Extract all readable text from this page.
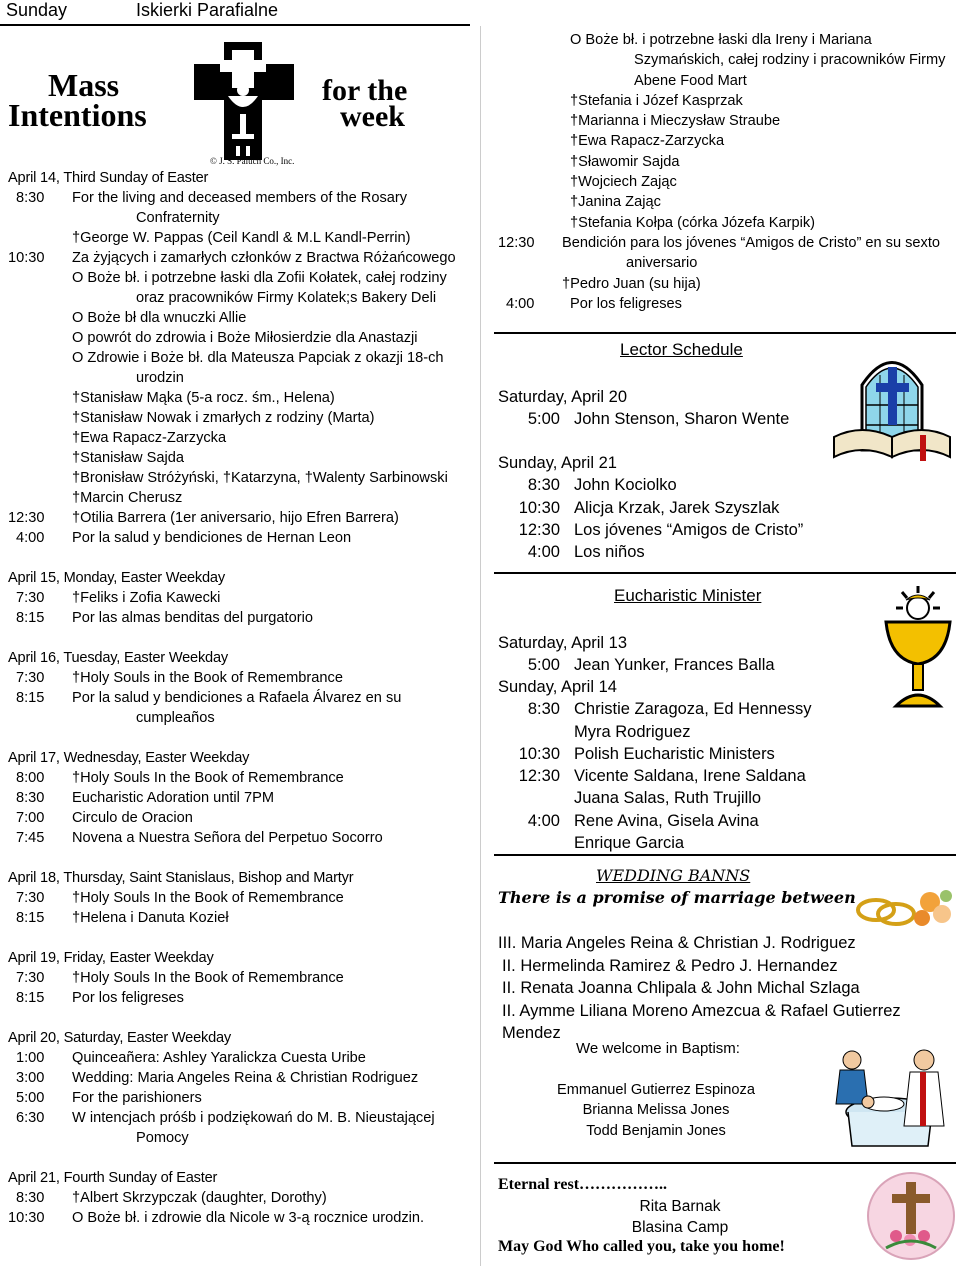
Sunday	Iskierki Parafialne
Mass
Intentions
for the
week
© J. S. Paluch Co., Inc.
April 14, Third Sunday of Easter
8:30	For the living and deceased members of the Rosary
Confraternity
†George W. Pappas (Ceil Kandl & M.L Kandl-Perrin)
10:30	Za żyjących i zamarłych członków z Bractwa Różańcowego
O Boże bł. i potrzebne łaski dla Zofii Kołatek, całej rodziny
oraz pracowników Firmy Kolatek;s Bakery Deli
O Boże bł dla wnuczki Allie
O powrót do zdrowia i Boże Miłosierdzie dla Anastazji
O Zdrowie i Boże bł. dla Mateusza Papciak z okazji 18-ch
urodzin
†Stanisław Mąka (5-a rocz. śm., Helena)
†Stanisław Nowak i zmarłych z rodziny (Marta)
†Ewa Rapacz-Zarzycka
†Stanisław Sajda
†Bronisław Stróżyński, †Katarzyna, †Walenty Sarbinowski
†Marcin Cherusz
12:30	†Otilia Barrera (1er aniversario, hijo Efren Barrera)
4:00	Por la salud y bendiciones de Hernan Leon
April 15, Monday, Easter Weekday
7:30	†Feliks i Zofia Kawecki
8:15	Por las almas benditas del purgatorio
April 16, Tuesday, Easter Weekday
7:30	†Holy Souls in the Book of Remembrance
8:15	Por la salud y bendiciones a Rafaela Álvarez en su
cumpleaños
April 17, Wednesday, Easter Weekday
8:00	†Holy Souls In the Book of Remembrance
8:30	Eucharistic Adoration until 7PM
7:00	Circulo de Oracion
7:45	Novena a Nuestra Señora del Perpetuo Socorro
April 18, Thursday, Saint Stanislaus, Bishop and Martyr
7:30	†Holy Souls In the Book of Remembrance
8:15	†Helena i Danuta Kozieł
April 19, Friday, Easter Weekday
7:30	†Holy Souls In the Book of Remembrance
8:15	Por los feligreses
April 20, Saturday, Easter Weekday
1:00	Quinceañera: Ashley Yaralickza Cuesta Uribe
3:00	Wedding: Maria Angeles Reina & Christian Rodriguez
5:00	For the parishioners
6:30	W intencjach próśb i podziękowań do M. B. Nieustającej
Pomocy
April 21, Fourth Sunday of Easter
8:30	†Albert Skrzypczak (daughter, Dorothy)
10:30	O Boże bł. i zdrowie dla Nicole w 3-ą rocznice urodzin.
O Boże bł. i potrzebne łaski dla Ireny i Mariana
Szymańskich, całej rodziny i pracowników Firmy
Abene Food Mart
†Stefania i Józef Kasprzak
†Marianna i Mieczysław Straube
†Ewa Rapacz-Zarzycka
†Sławomir Sajda
†Wojciech Zając
†Janina Zając
†Stefania Kołpa (córka Józefa Karpik)
12:30	Bendición para los jóvenes “Amigos de Cristo” en su sexto
aniversario
†Pedro Juan (su hija)
4:00	Por los feligreses
Lector Schedule
Saturday, April 20
5:00 John Stenson, Sharon Wente
Sunday, April 21
8:30 John Kociolko
10:30 Alicja Krzak, Jarek Szyszlak
12:30 Los jóvenes “Amigos de Cristo”
4:00 Los niños
Eucharistic Minister
Saturday, April 13
5:00 Jean Yunker, Frances Balla
Sunday, April 14
8:30 Christie Zaragoza, Ed Hennessy
Myra Rodriguez
10:30 Polish Eucharistic Ministers
12:30 Vicente Saldana, Irene Saldana
Juana Salas, Ruth Trujillo
4:00 Rene Avina, Gisela Avina
Enrique Garcia
WEDDING BANNS
There is a promise of marriage between
III. Maria Angeles Reina & Christian J. Rodriguez
II. Hermelinda Ramirez & Pedro J. Hernandez
II. Renata Joanna Chlipala & John Michal Szlaga
II. Aymme Liliana Moreno Amezcua & Rafael Gutierrez Mendez
We welcome in Baptism:
Emmanuel Gutierrez Espinoza
Brianna Melissa Jones
Todd Benjamin Jones
Eternal rest……………..
Rita Barnak
Blasina Camp
May God Who called you, take you home!
